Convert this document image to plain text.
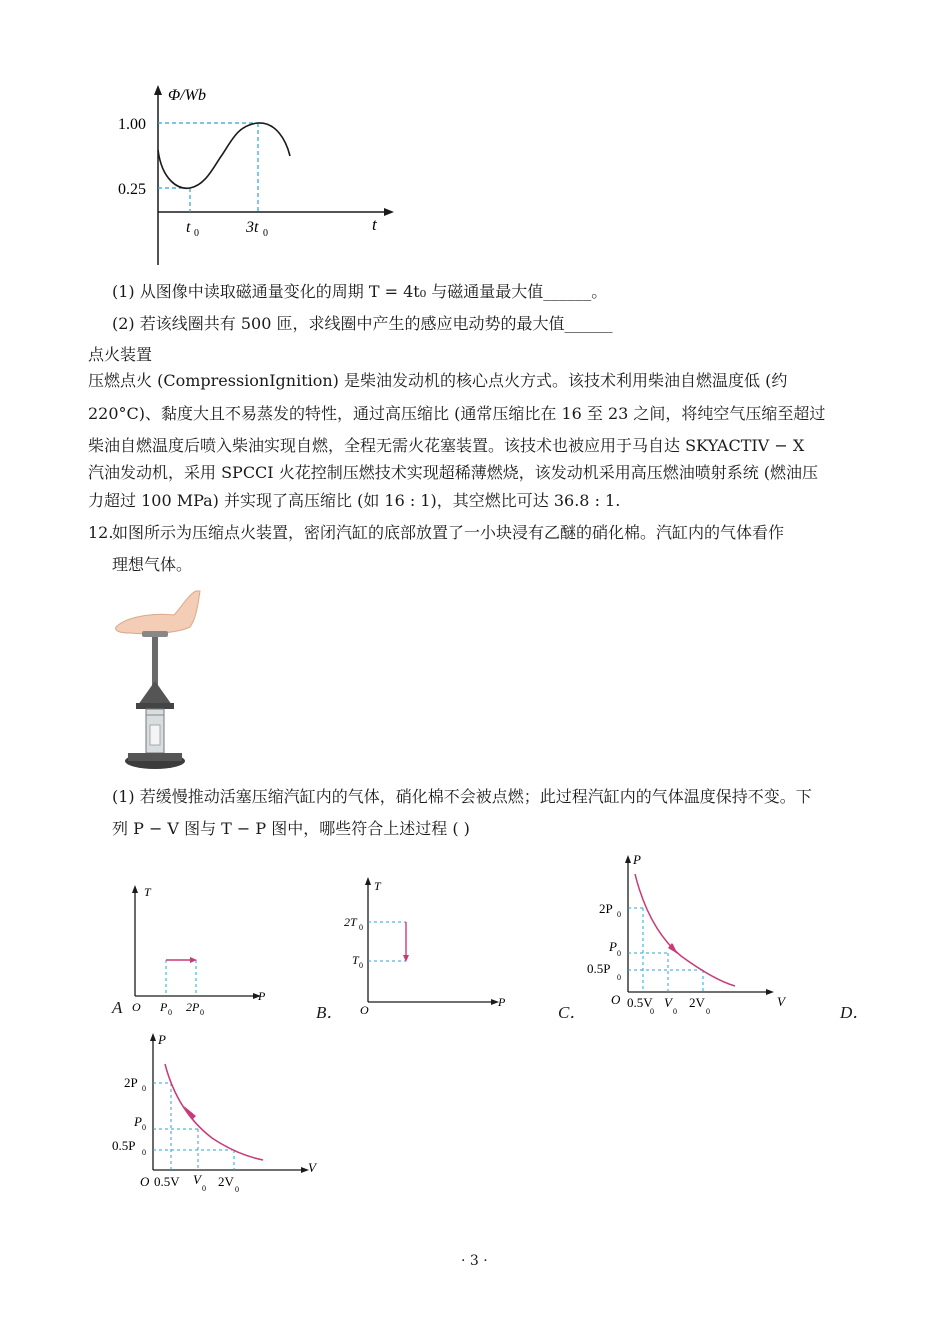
Φ/Wb
1.00
0.25
t 0	3t 0	t
(1) 从图像中读取磁通量变化的周期 T = 4t₀ 与磁通量最大值______。
(2) 若该线圈共有 500 匝，求线圈中产生的感应电动势的最大值______
点火装置
压燃点火 (CompressionIgnition) 是柴油发动机的核心点火方式。该技术利用柴油自燃温度低 (约
220°C)、黏度大且不易蒸发的特性，通过高压缩比 (通常压缩比在 16 至 23 之间，将纯空气压缩至超过
柴油自燃温度后喷入柴油实现自燃，全程无需火花塞装置。该技术也被应用于马自达 SKYACTIV − X
汽油发动机，采用 SPCCI 火花控制压燃技术实现超稀薄燃烧，该发动机采用高压燃油喷射系统 (燃油压
力超过 100 MPa) 并实现了高压缩比 (如 16 : 1)，其空燃比可达 36.8 : 1.
12.
如图所示为压缩点火装置，密闭汽缸的底部放置了一小块浸有乙醚的硝化棉。汽缸内的气体看作
理想气体。
(1) 若缓慢推动活塞压缩汽缸内的气体，硝化棉不会被点燃；此过程汽缸内的气体温度保持不变。下
列 P − V 图与 T − P 图中，哪些符合上述过程 ( )
A
T
P
O P 0 2P 0	B．
T
P
O
2T 0
T 0
C．
P
V
O
2P 0
P 0
0.5P
0
0.5V
0
V
0
2V
0	D．
P
V
O
2P 0
P 0
0.5P 0
0.5V V
0 2V
0
· 3 ·
